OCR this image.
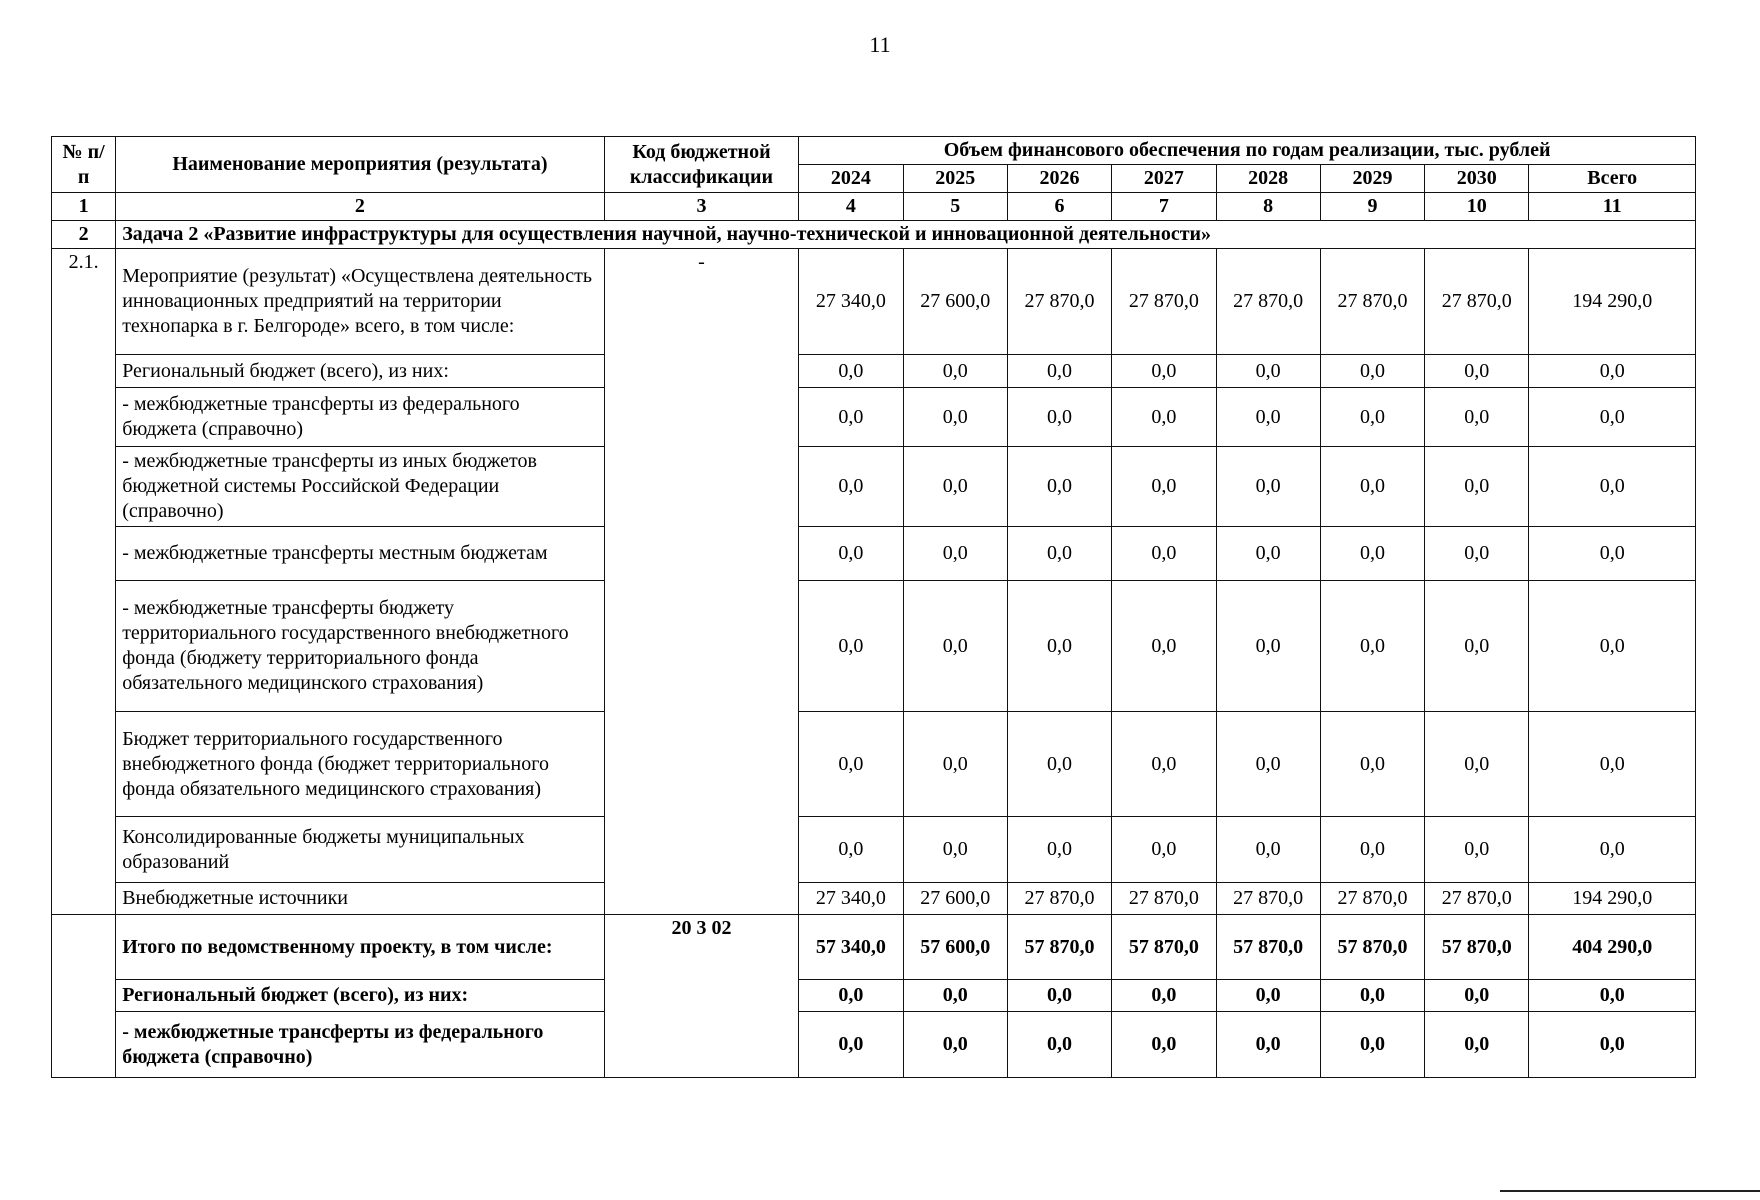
11
№ п/п	Наименование мероприятия (результата)	Код бюджетной классификации	Объем финансового обеспечения по годам реализации, тыс. рублей							
			2024	2025	2026	2027	2028	2029	2030	Всего
1	2	3	4	5	6	7	8	9	10	11
2	Задача 2 «Развитие инфраструктуры для осуществления научной, научно-технической и инновационной деятельности»									
2.1.	Мероприятие (результат) «Осуществлена деятельность инновационных предприятий на территории технопарка в г. Белгороде» всего, в том числе:	-	27 340,0	27 600,0	27 870,0	27 870,0	27 870,0	27 870,0	27 870,0	194 290,0
	Региональный бюджет (всего), из них:		0,0	0,0	0,0	0,0	0,0	0,0	0,0	0,0
	- межбюджетные трансферты из федерального бюджета (справочно)		0,0	0,0	0,0	0,0	0,0	0,0	0,0	0,0
	- межбюджетные трансферты из иных бюджетов бюджетной системы Российской Федерации (справочно)		0,0	0,0	0,0	0,0	0,0	0,0	0,0	0,0
	- межбюджетные трансферты местным бюджетам		0,0	0,0	0,0	0,0	0,0	0,0	0,0	0,0
	- межбюджетные трансферты бюджету территориального государственного внебюджетного фонда (бюджету территориального фонда обязательного медицинского страхования)		0,0	0,0	0,0	0,0	0,0	0,0	0,0	0,0
	Бюджет территориального государственного внебюджетного фонда (бюджет территориального фонда обязательного медицинского страхования)		0,0	0,0	0,0	0,0	0,0	0,0	0,0	0,0
	Консолидированные бюджеты муниципальных образований		0,0	0,0	0,0	0,0	0,0	0,0	0,0	0,0
	Внебюджетные источники		27 340,0	27 600,0	27 870,0	27 870,0	27 870,0	27 870,0	27 870,0	194 290,0
	Итого по ведомственному проекту, в том числе:	20 3 02	57 340,0	57 600,0	57 870,0	57 870,0	57 870,0	57 870,0	57 870,0	404 290,0
	Региональный бюджет (всего), из них:		0,0	0,0	0,0	0,0	0,0	0,0	0,0	0,0
	- межбюджетные трансферты из федерального бюджета (справочно)		0,0	0,0	0,0	0,0	0,0	0,0	0,0	0,0
